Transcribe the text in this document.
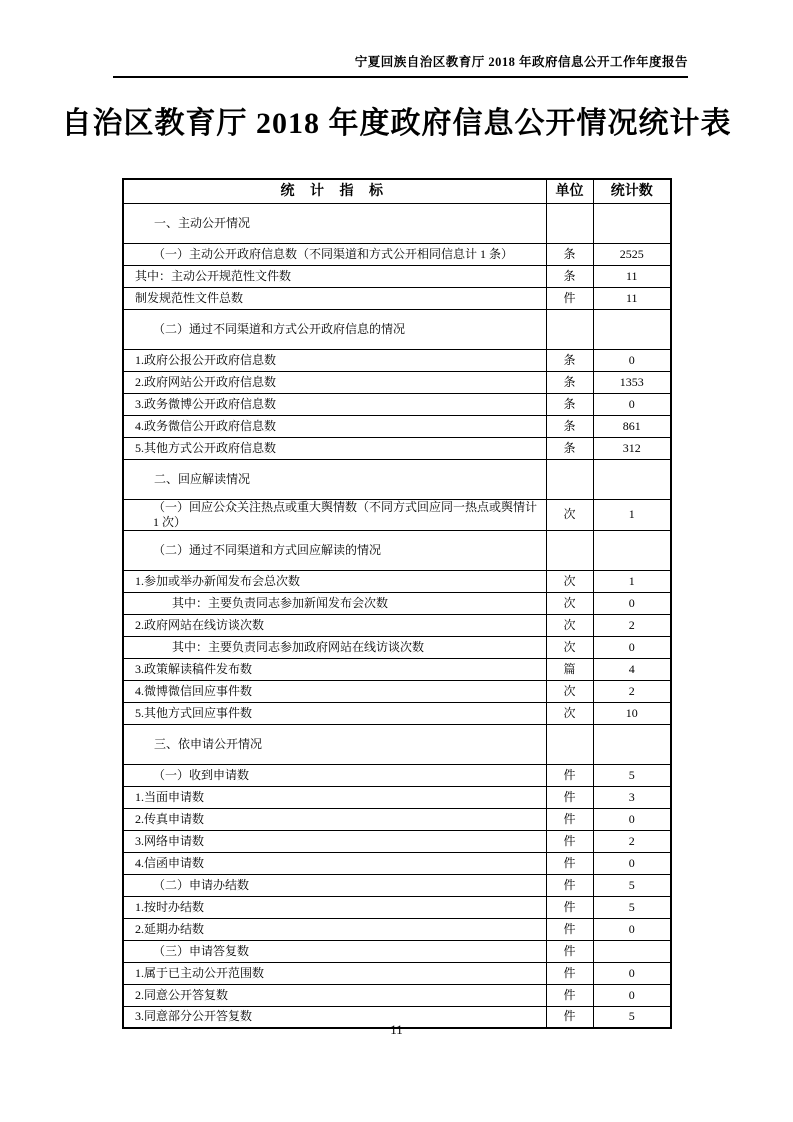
宁夏回族自治区教育厅 2018 年政府信息公开工作年度报告
自治区教育厅 2018 年度政府信息公开情况统计表
统 计 指 标	单位	统计数
一、主动公开情况		
（一）主动公开政府信息数（不同渠道和方式公开相同信息计 1 条）	条	2525
其中：主动公开规范性文件数	条	11
制发规范性文件总数	件	11
（二）通过不同渠道和方式公开政府信息的情况		
1.政府公报公开政府信息数	条	0
2.政府网站公开政府信息数	条	1353
3.政务微博公开政府信息数	条	0
4.政务微信公开政府信息数	条	861
5.其他方式公开政府信息数	条	312
二、回应解读情况		
（一）回应公众关注热点或重大舆情数（不同方式回应同一热点或舆情计 1 次）	次	1
（二）通过不同渠道和方式回应解读的情况		
1.参加或举办新闻发布会总次数	次	1
其中：主要负责同志参加新闻发布会次数	次	0
2.政府网站在线访谈次数	次	2
其中：主要负责同志参加政府网站在线访谈次数	次	0
3.政策解读稿件发布数	篇	4
4.微博微信回应事件数	次	2
5.其他方式回应事件数	次	10
三、依申请公开情况		
（一）收到申请数	件	5
1.当面申请数	件	3
2.传真申请数	件	0
3.网络申请数	件	2
4.信函申请数	件	0
（二）申请办结数	件	5
1.按时办结数	件	5
2.延期办结数	件	0
（三）申请答复数	件	
1.属于已主动公开范围数	件	0
2.同意公开答复数	件	0
3.同意部分公开答复数	件	5
11
